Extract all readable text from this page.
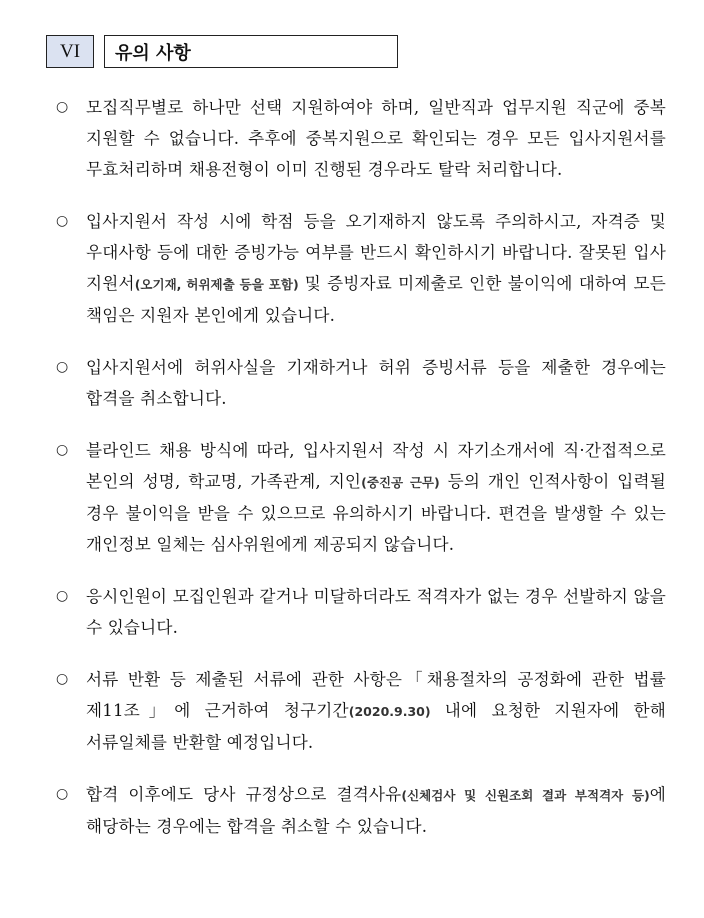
VI 유의 사항
○	모집직무별로 하나만 선택 지원하여야 하며, 일반직과 업무지원 직군에 중복 지원할 수 없습니다. 추후에 중복지원으로 확인되는 경우 모든 입사지원서를 무효처리하며 채용전형이 이미 진행된 경우라도 탈락 처리합니다.
○	입사지원서 작성 시에 학점 등을 오기재하지 않도록 주의하시고, 자격증 및 우대사항 등에 대한 증빙가능 여부를 반드시 확인하시기 바랍니다. 잘못된 입사 지원서(오기재, 허위제출 등을 포함) 및 증빙자료 미제출로 인한 불이익에 대하여 모든 책임은 지원자 본인에게 있습니다.
○	입사지원서에 허위사실을 기재하거나 허위 증빙서류 등을 제출한 경우에는 합격을 취소합니다.
○	블라인드 채용 방식에 따라, 입사지원서 작성 시 자기소개서에 직·간접적으로 본인의 성명, 학교명, 가족관계, 지인(중진공 근무) 등의 개인 인적사항이 입력될 경우 불이익을 받을 수 있으므로 유의하시기 바랍니다. 편견을 발생할 수 있는 개인정보 일체는 심사위원에게 제공되지 않습니다.
○	응시인원이 모집인원과 같거나 미달하더라도 적격자가 없는 경우 선발하지 않을 수 있습니다.
○	서류 반환 등 제출된 서류에 관한 사항은「채용절차의 공정화에 관한 법률 제11조」에 근거하여 청구기간(2020.9.30) 내에 요청한 지원자에 한해 서류일체를 반환할 예정입니다.
○	합격 이후에도 당사 규정상으로 결격사유(신체검사 및 신원조회 결과 부적격자 등)에 해당하는 경우에는 합격을 취소할 수 있습니다.
